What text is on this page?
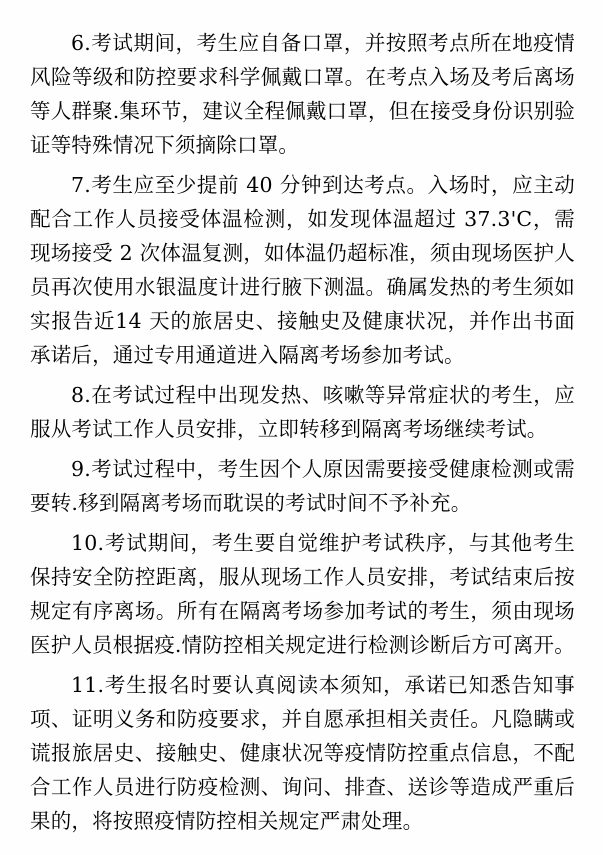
6.考试期间，考生应自备口罩，并按照考点所在地疫情风险等级和防控要求科学佩戴口罩。在考点入场及考后离场等人群聚.集环节，建议全程佩戴口罩，但在接受身份识别验证等特殊情况下须摘除口罩。

7.考生应至少提前 40 分钟到达考点。入场时，应主动配合工作人员接受体温检测，如发现体温超过 37.3'C，需现场接受 2 次体温复测，如体温仍超标准，须由现场医护人员再次使用水银温度计进行腋下测温。确属发热的考生须如实报告近14 天的旅居史、接触史及健康状况，并作出书面承诺后，通过专用通道进入隔离考场参加考试。

8.在考试过程中出现发热、咳嗽等异常症状的考生，应服从考试工作人员安排，立即转移到隔离考场继续考试。

9.考试过程中，考生因个人原因需要接受健康检测或需要转.移到隔离考场而耽误的考试时间不予补充。

10.考试期间，考生要自觉维护考试秩序，与其他考生保持安全防控距离，服从现场工作人员安排，考试结束后按规定有序离场。所有在隔离考场参加考试的考生，须由现场医护人员根据疫.情防控相关规定进行检测诊断后方可离开。

11.考生报名时要认真阅读本须知，承诺已知悉告知事项、证明义务和防疫要求，并自愿承担相关责任。凡隐瞒或谎报旅居史、接触史、健康状况等疫情防控重点信息，不配合工作人员进行防疫检测、询问、排查、送诊等造成严重后果的，将按照疫情防控相关规定严肃处理。
